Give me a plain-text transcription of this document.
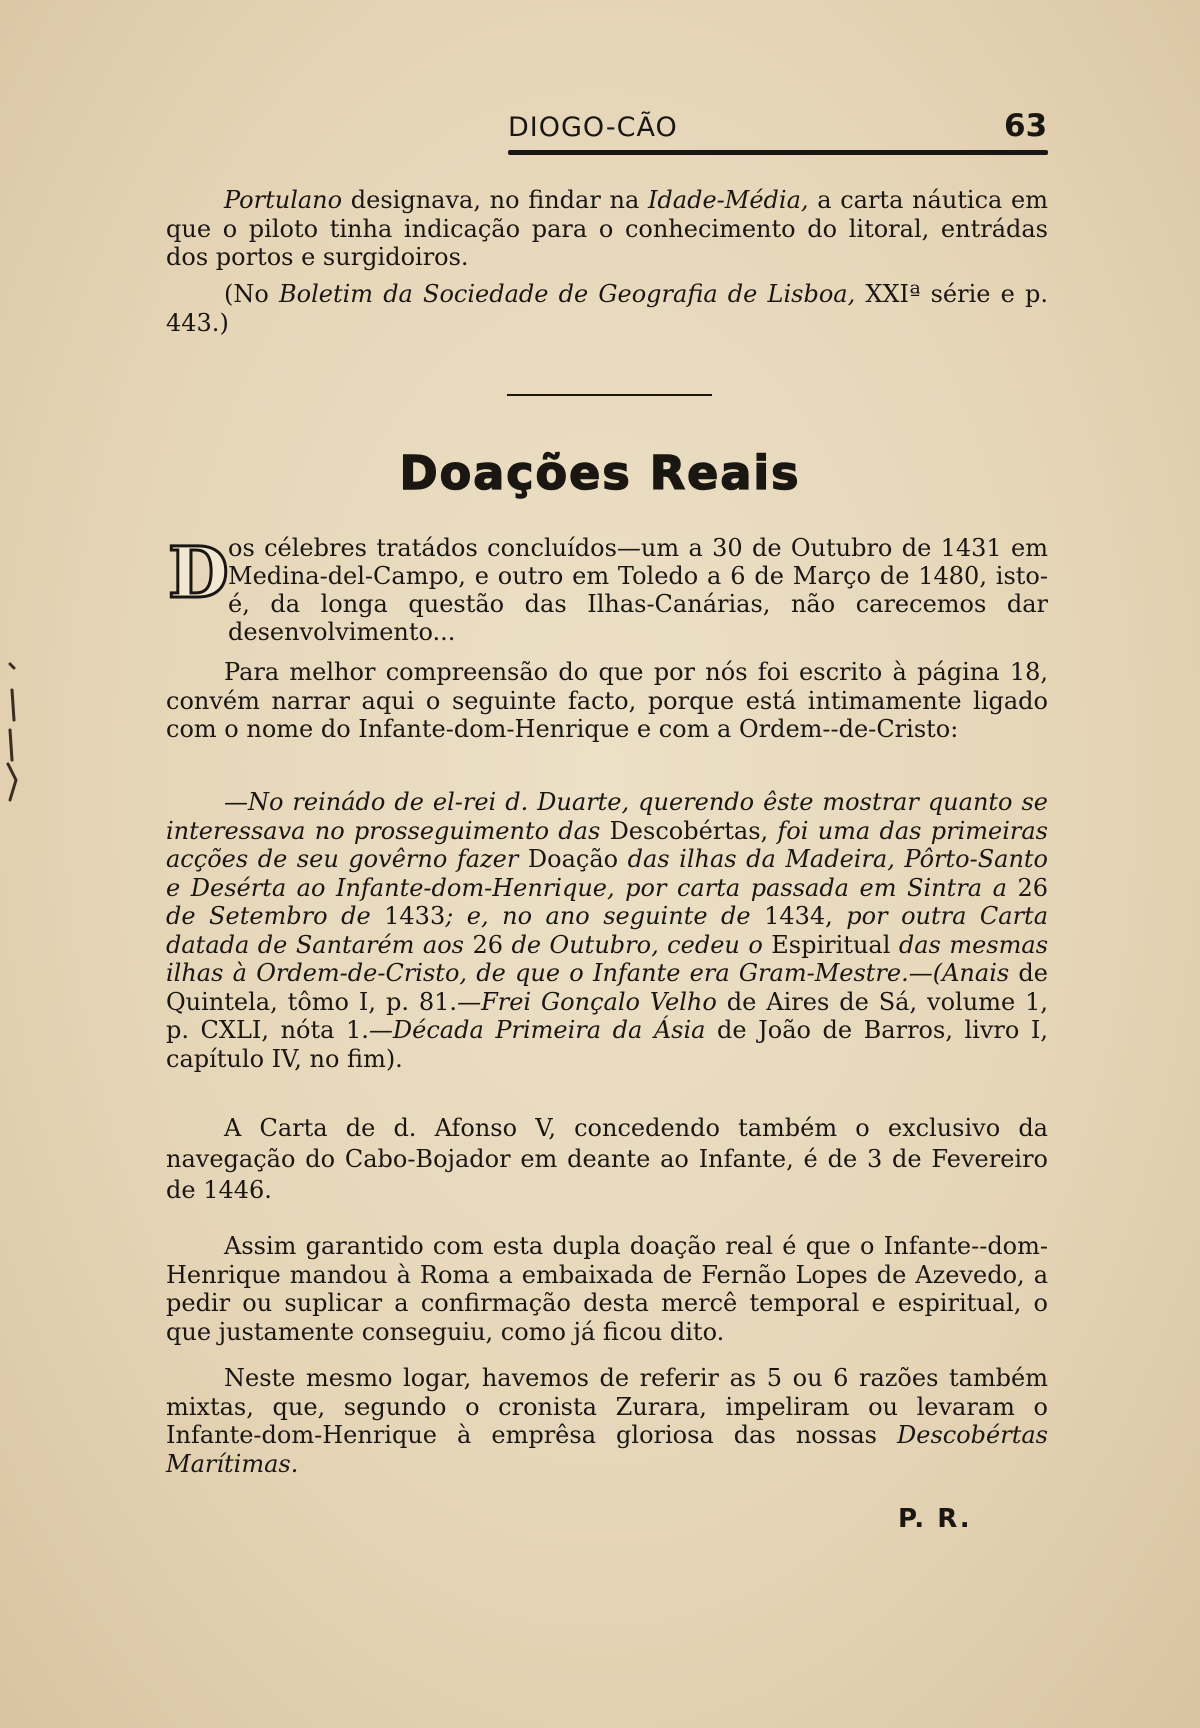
DIOGO-CÃO	63

Portulano designava, no findar na Idade-Média, a carta náutica em que o piloto tinha indicação para o conhecimento do litoral, entrádas dos portos e surgidoiros.

(No Boletim da Sociedade de Geografia de Lisboa, XXIª série e p. 443.)

Doações Reais
D os célebres tratádos concluídos—um a 30 de Outubro de 1431 em Medina-del-Campo, e outro em Toledo a 6 de Março de 1480, isto-é, da longa questão das Ilhas-Canárias, não carecemos dar desenvolvimento...

Para melhor compreensão do que por nós foi escrito à página 18, convém narrar aqui o seguinte facto, porque está intimamente ligado com o nome do Infante-dom-Henrique e com a Ordem--de-Cristo:

—No reinádo de el-rei d. Duarte, querendo êste mostrar quanto se interessava no prosseguimento das Descobértas, foi uma das primeiras acções de seu govêrno fazer Doação das ilhas da Madeira, Pôrto-Santo e Desérta ao Infante-dom-Henrique, por carta passada em Sintra a 26 de Setembro de 1433; e, no ano seguinte de 1434, por outra Carta datada de Santarém aos 26 de Outubro, cedeu o Espiritual das mesmas ilhas à Ordem-de-Cristo, de que o Infante era Gram-Mestre.—(Anais de Quintela, tômo I, p. 81.—Frei Gonçalo Velho de Aires de Sá, volume 1, p. CXLI, nóta 1.—Década Primeira da Ásia de João de Barros, livro I, capítulo IV, no fim).

A Carta de d. Afonso V, concedendo também o exclusivo da navegação do Cabo-Bojador em deante ao Infante, é de 3 de Fevereiro de 1446.

Assim garantido com esta dupla doação real é que o Infante--dom-Henrique mandou à Roma a embaixada de Fernão Lopes de Azevedo, a pedir ou suplicar a confirmação desta mercê temporal e espiritual, o que justamente conseguiu, como já ficou dito.

Neste mesmo logar, havemos de referir as 5 ou 6 razões também mixtas, que, segundo o cronista Zurara, impeliram ou levaram o Infante-dom-Henrique à emprêsa gloriosa das nossas Descobértas Marítimas.

P. R.
